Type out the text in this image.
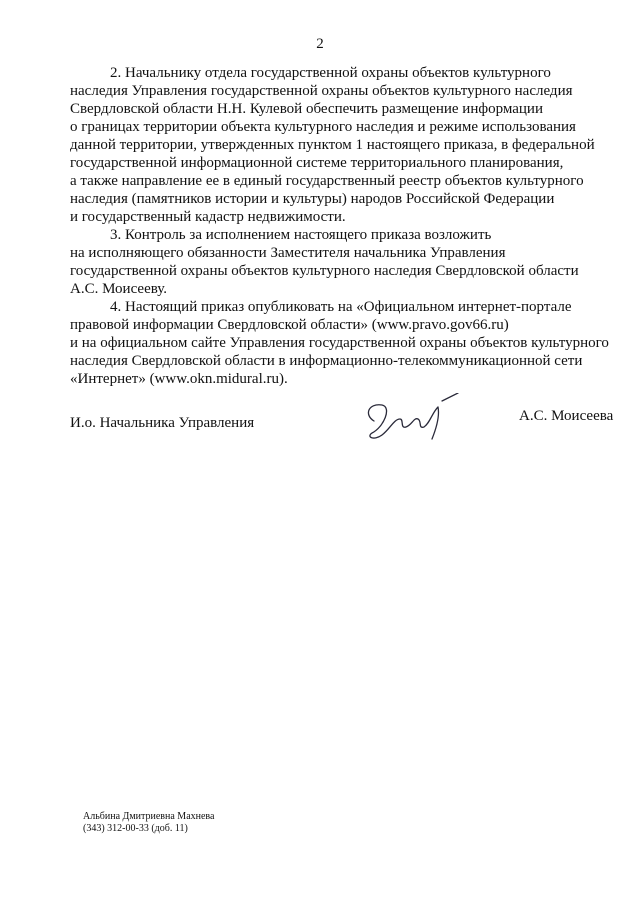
2
2. Начальнику отдела государственной охраны объектов культурного
наследия Управления государственной охраны объектов культурного наследия
Свердловской области Н.Н. Кулевой обеспечить размещение информации
о границах территории объекта культурного наследия и режиме использования
данной территории, утвержденных пунктом 1 настоящего приказа, в федеральной
государственной информационной системе территориального планирования,
а также направление ее в единый государственный реестр объектов культурного
наследия (памятников истории и культуры) народов Российской Федерации
и государственный кадастр недвижимости.
3. Контроль за исполнением настоящего приказа возложить
на исполняющего обязанности Заместителя начальника Управления
государственной охраны объектов культурного наследия Свердловской области
А.С. Моисееву.
4. Настоящий приказ опубликовать на «Официальном интернет-портале
правовой информации Свердловской области» (www.pravo.gov66.ru)
и на официальном сайте Управления государственной охраны объектов культурного
наследия Свердловской области в информационно-телекоммуникационной сети
«Интернет» (www.okn.midural.ru).
И.о. Начальника Управления	А.С. Моисеева
Альбина Дмитриевна Махнева
(343) 312-00-33 (доб. 11)
